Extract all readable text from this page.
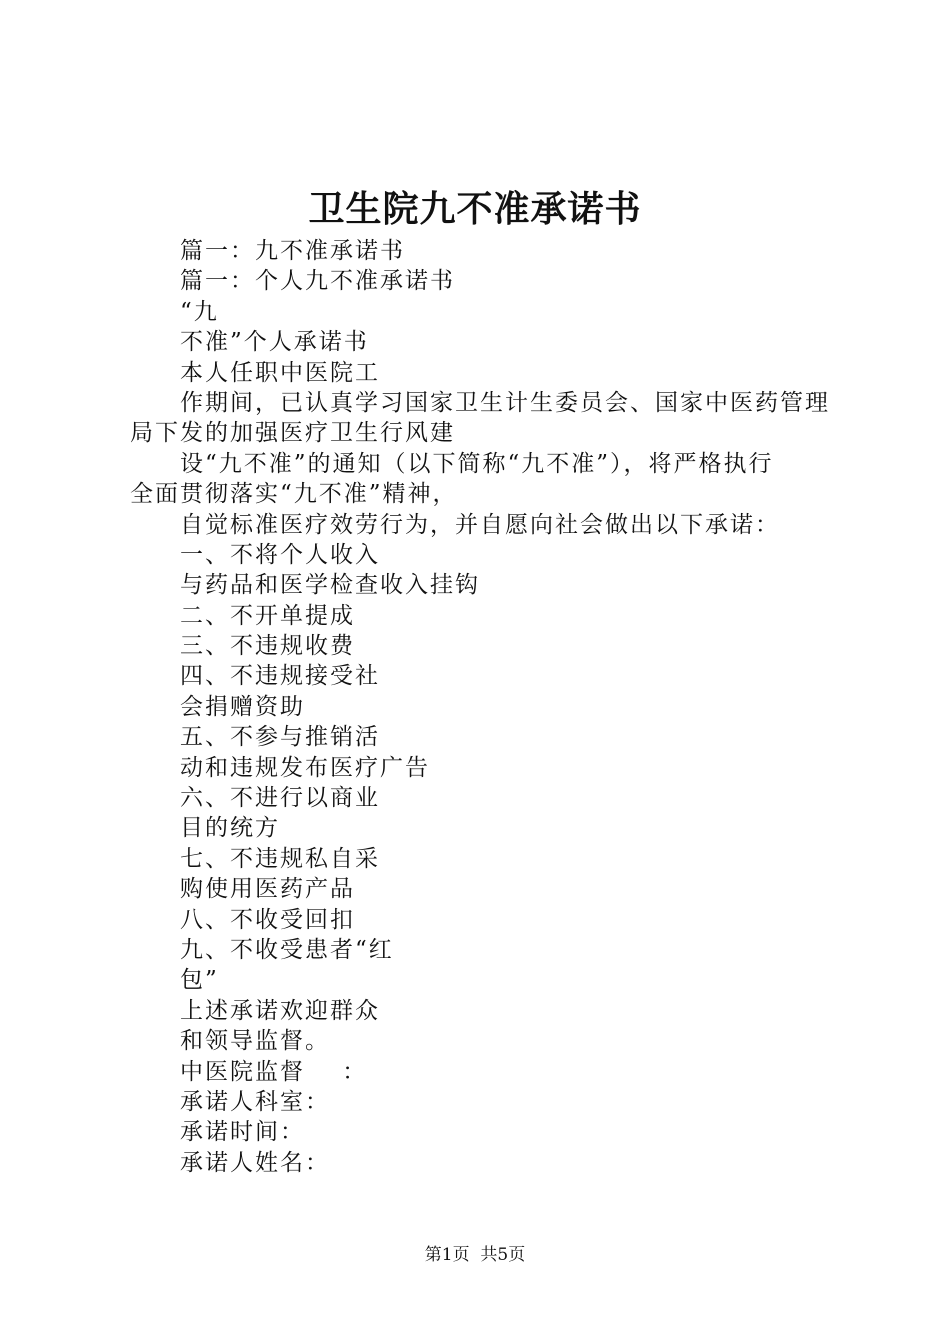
卫生院九不准承诺书
篇一：九不准承诺书
篇一：个人九不准承诺书
“九
不准”个人承诺书
本人任职中医院工
作期间，已认真学习国家卫生计生委员会、国家中医药管理
局下发的加强医疗卫生行风建
设“九不准”的通知（以下简称“九不准”），将严格执行
全面贯彻落实“九不准”精神，
自觉标准医疗效劳行为，并自愿向社会做出以下承诺：
一、不将个人收入
与药品和医学检查收入挂钩
二、不开单提成
三、不违规收费
四、不违规接受社
会捐赠资助
五、不参与推销活
动和违规发布医疗广告
六、不进行以商业
目的统方
七、不违规私自采
购使用医药产品
八、不收受回扣
九、不收受患者“红
包”
上述承诺欢迎群众
和领导监督。
中医院监督    ：
承诺人科室：
承诺时间：
承诺人姓名：
第1页  共5页
